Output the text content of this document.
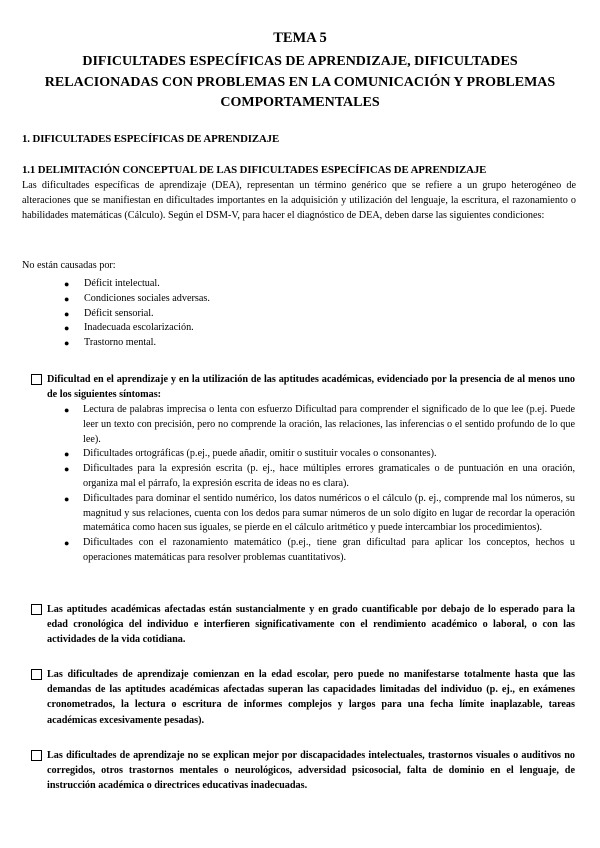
TEMA 5
DIFICULTADES ESPECÍFICAS DE APRENDIZAJE, DIFICULTADES RELACIONADAS CON PROBLEMAS EN LA COMUNICACIÓN Y PROBLEMAS COMPORTAMENTALES
1. DIFICULTADES ESPECÍFICAS DE APRENDIZAJE
1.1 DELIMITACIÓN CONCEPTUAL DE LAS DIFICULTADES ESPECÍFICAS DE APRENDIZAJE
Las dificultades específicas de aprendizaje (DEA), representan un término genérico que se refiere a un grupo heterogéneo de alteraciones que se manifiestan en dificultades importantes en la adquisición y utilización del lenguaje, la escritura, el razonamiento o habilidades matemáticas (Cálculo). Según el DSM-V, para hacer el diagnóstico de DEA, deben darse las siguientes condiciones:
No están causadas por:
● Déficit intelectual.
● Condiciones sociales adversas.
● Déficit sensorial.
● Inadecuada escolarización.
● Trastorno mental.
Dificultad en el aprendizaje y en la utilización de las aptitudes académicas, evidenciado por la presencia de al menos uno de los siguientes síntomas:
● Lectura de palabras imprecisa o lenta con esfuerzo Dificultad para comprender el significado de lo que lee (p.ej. Puede leer un texto con precisión, pero no comprende la oración, las relaciones, las inferencias o el sentido profundo de lo que lee).
● Dificultades ortográficas (p.ej., puede añadir, omitir o sustituir vocales o consonantes).
● Dificultades para la expresión escrita (p. ej., hace múltiples errores gramaticales o de puntuación en una oración, organiza mal el párrafo, la expresión escrita de ideas no es clara).
● Dificultades para dominar el sentido numérico, los datos numéricos o el cálculo (p. ej., comprende mal los números, su magnitud y sus relaciones, cuenta con los dedos para sumar números de un solo dígito en lugar de recordar la operación matemática como hacen sus iguales, se pierde en el cálculo aritmético y puede intercambiar los procedimientos).
● Dificultades con el razonamiento matemático (p.ej., tiene gran dificultad para aplicar los conceptos, hechos u operaciones matemáticas para resolver problemas cuantitativos).
Las aptitudes académicas afectadas están sustancialmente y en grado cuantificable por debajo de lo esperado para la edad cronológica del individuo e interfieren significativamente con el rendimiento académico o laboral, o con las actividades de la vida cotidiana.
Las dificultades de aprendizaje comienzan en la edad escolar, pero puede no manifestarse totalmente hasta que las demandas de las aptitudes académicas afectadas superan las capacidades limitadas del individuo (p. ej., en exámenes cronometrados, la lectura o escritura de informes complejos y largos para una fecha límite inaplazable, tareas académicas excesivamente pesadas).
Las dificultades de aprendizaje no se explican mejor por discapacidades intelectuales, trastornos visuales o auditivos no corregidos, otros trastornos mentales o neurológicos, adversidad psicosocial, falta de dominio en el lenguaje, de instrucción académica o directrices educativas inadecuadas.
